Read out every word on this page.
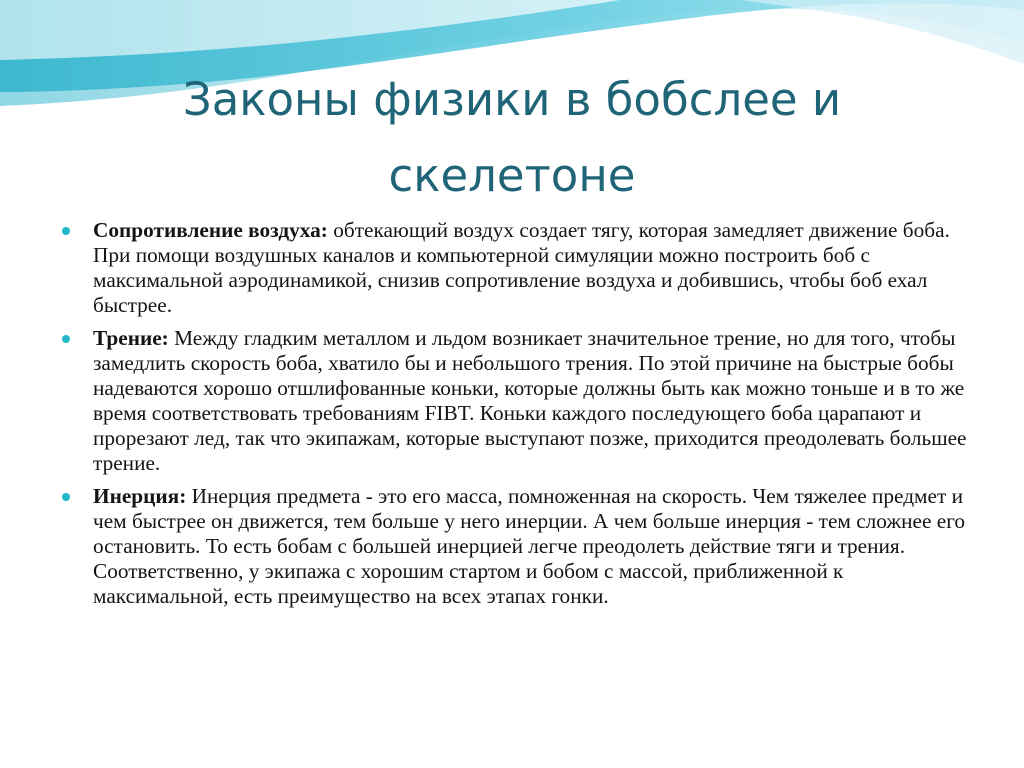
Законы физики в бобслее и скелетоне
Сопротивление воздуха: обтекающий воздух создает тягу, которая замедляет движение боба. При помощи воздушных каналов и компьютерной симуляции можно построить боб с максимальной аэродинамикой, снизив сопротивление воздуха и добившись, чтобы боб ехал быстрее.
Трение: Между гладким металлом и льдом возникает значительное трение, но для того, чтобы замедлить скорость боба, хватило бы и небольшого трения. По этой причине на быстрые бобы надеваются хорошо отшлифованные коньки, которые должны быть как можно тоньше и в то же время соответствовать требованиям FIBT. Коньки каждого последующего боба царапают и прорезают лед, так что экипажам, которые выступают позже, приходится преодолевать большее трение.
Инерция: Инерция предмета - это его масса, помноженная на скорость. Чем тяжелее предмет и чем быстрее он движется, тем больше у него инерции. А чем больше инерция - тем сложнее его остановить. То есть бобам с большей инерцией легче преодолеть действие тяги и трения. Соответственно, у экипажа с хорошим стартом и бобом с массой, приближенной к максимальной, есть преимущество на всех этапах гонки.
